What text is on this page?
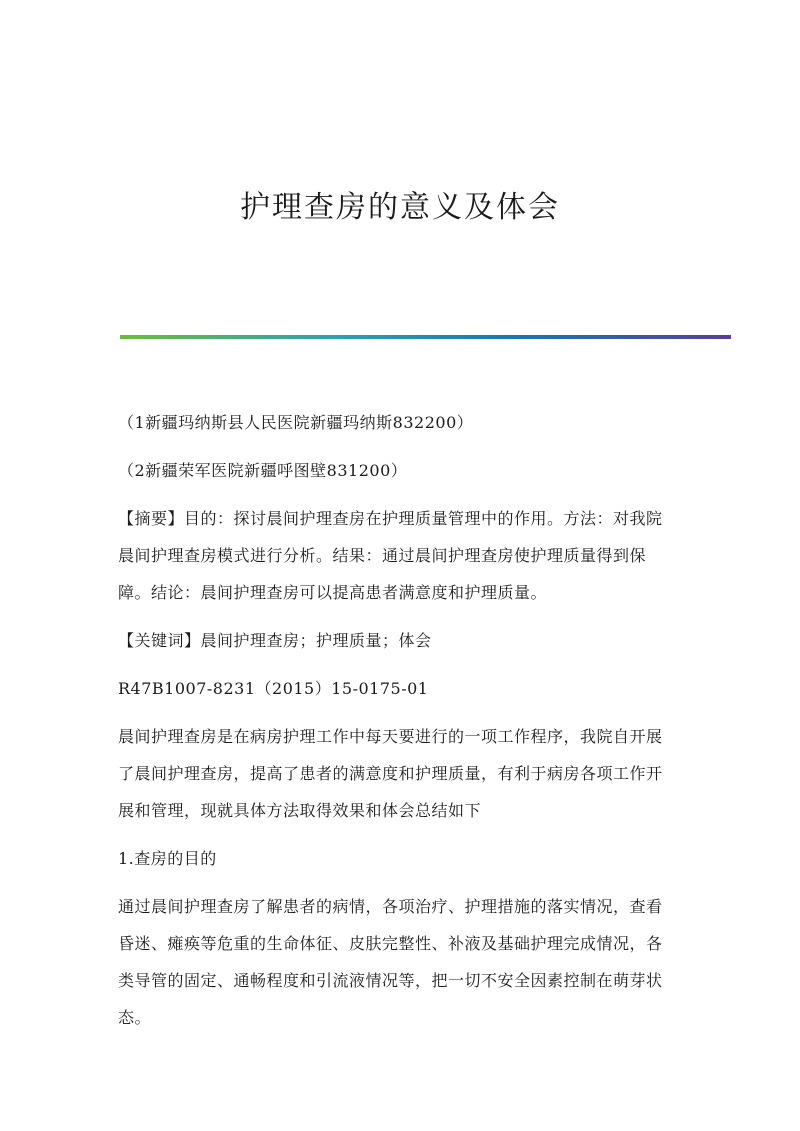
护理查房的意义及体会

（1新疆玛纳斯县人民医院新疆玛纳斯832200）

（2新疆荣军医院新疆呼图壁831200）

【摘要】目的：探讨晨间护理查房在护理质量管理中的作用。方法：对我院晨间护理查房模式进行分析。结果：通过晨间护理查房使护理质量得到保障。结论：晨间护理查房可以提高患者满意度和护理质量。

【关键词】晨间护理查房；护理质量；体会

R47B1007-8231（2015）15-0175-01

晨间护理查房是在病房护理工作中每天要进行的一项工作程序，我院自开展了晨间护理查房，提高了患者的满意度和护理质量，有利于病房各项工作开展和管理，现就具体方法取得效果和体会总结如下

1.查房的目的

通过晨间护理查房了解患者的病情，各项治疗、护理措施的落实情况，查看昏迷、瘫痪等危重的生命体征、皮肤完整性、补液及基础护理完成情况，各类导管的固定、通畅程度和引流液情况等，把一切不安全因素控制在萌芽状态。
